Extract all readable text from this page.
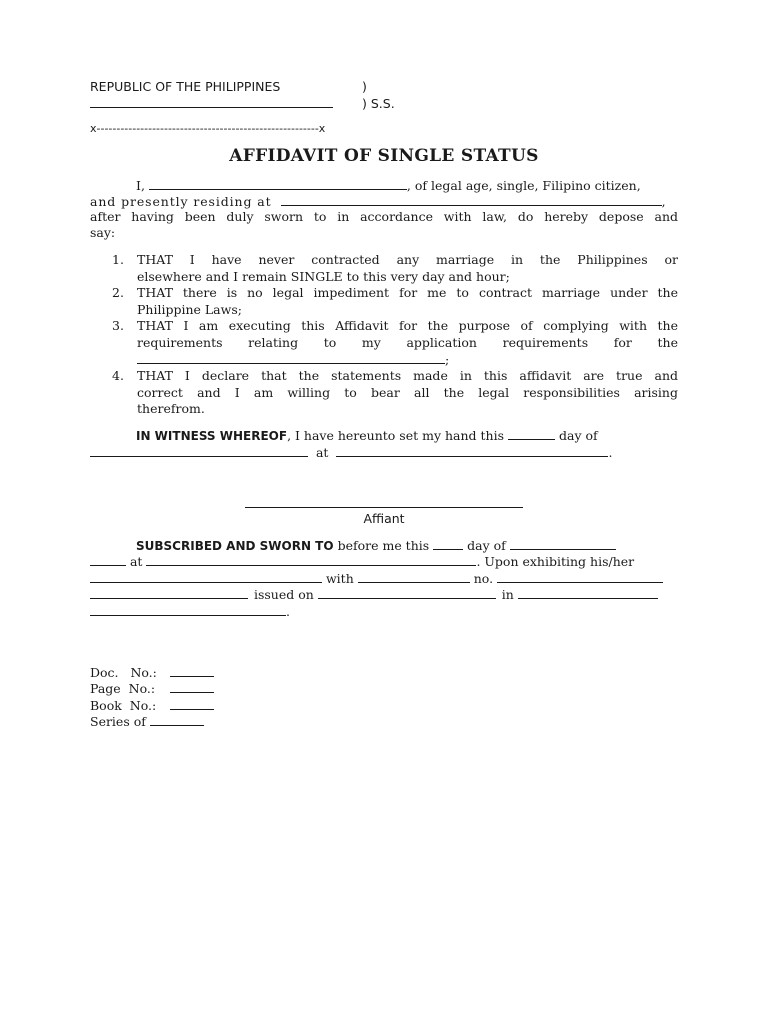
REPUBLIC OF THE PHILIPPINES	)
) S.S.
x--------------------------------------------------------x
AFFIDAVIT OF SINGLE STATUS
I,	, of legal age, single, Filipino citizen,
and presently residing at	,
after having been duly sworn to in accordance with law, do hereby depose and
say:
1. THAT I have never contracted any marriage in the Philippines or
elsewhere and I remain SINGLE to this very day and hour;
2. THAT there is no legal impediment for me to contract marriage under the
Philippine Laws;
3. THAT I am executing this Affidavit for the purpose of complying with the
requirements relating to my application requirements for the
;
4. THAT I declare that the statements made in this affidavit are true and
correct and I am willing to bear all the legal responsibilities arising
therefrom.
IN WITNESS WHEREOF, I have hereunto set my hand this	day of
at	.
Affiant
SUBSCRIBED AND SWORN TO before me this	day of
at	. Upon exhibiting his/her
with	no.
issued on	in
.
Doc.   No.:
Page  No.:
Book  No.:
Series of
